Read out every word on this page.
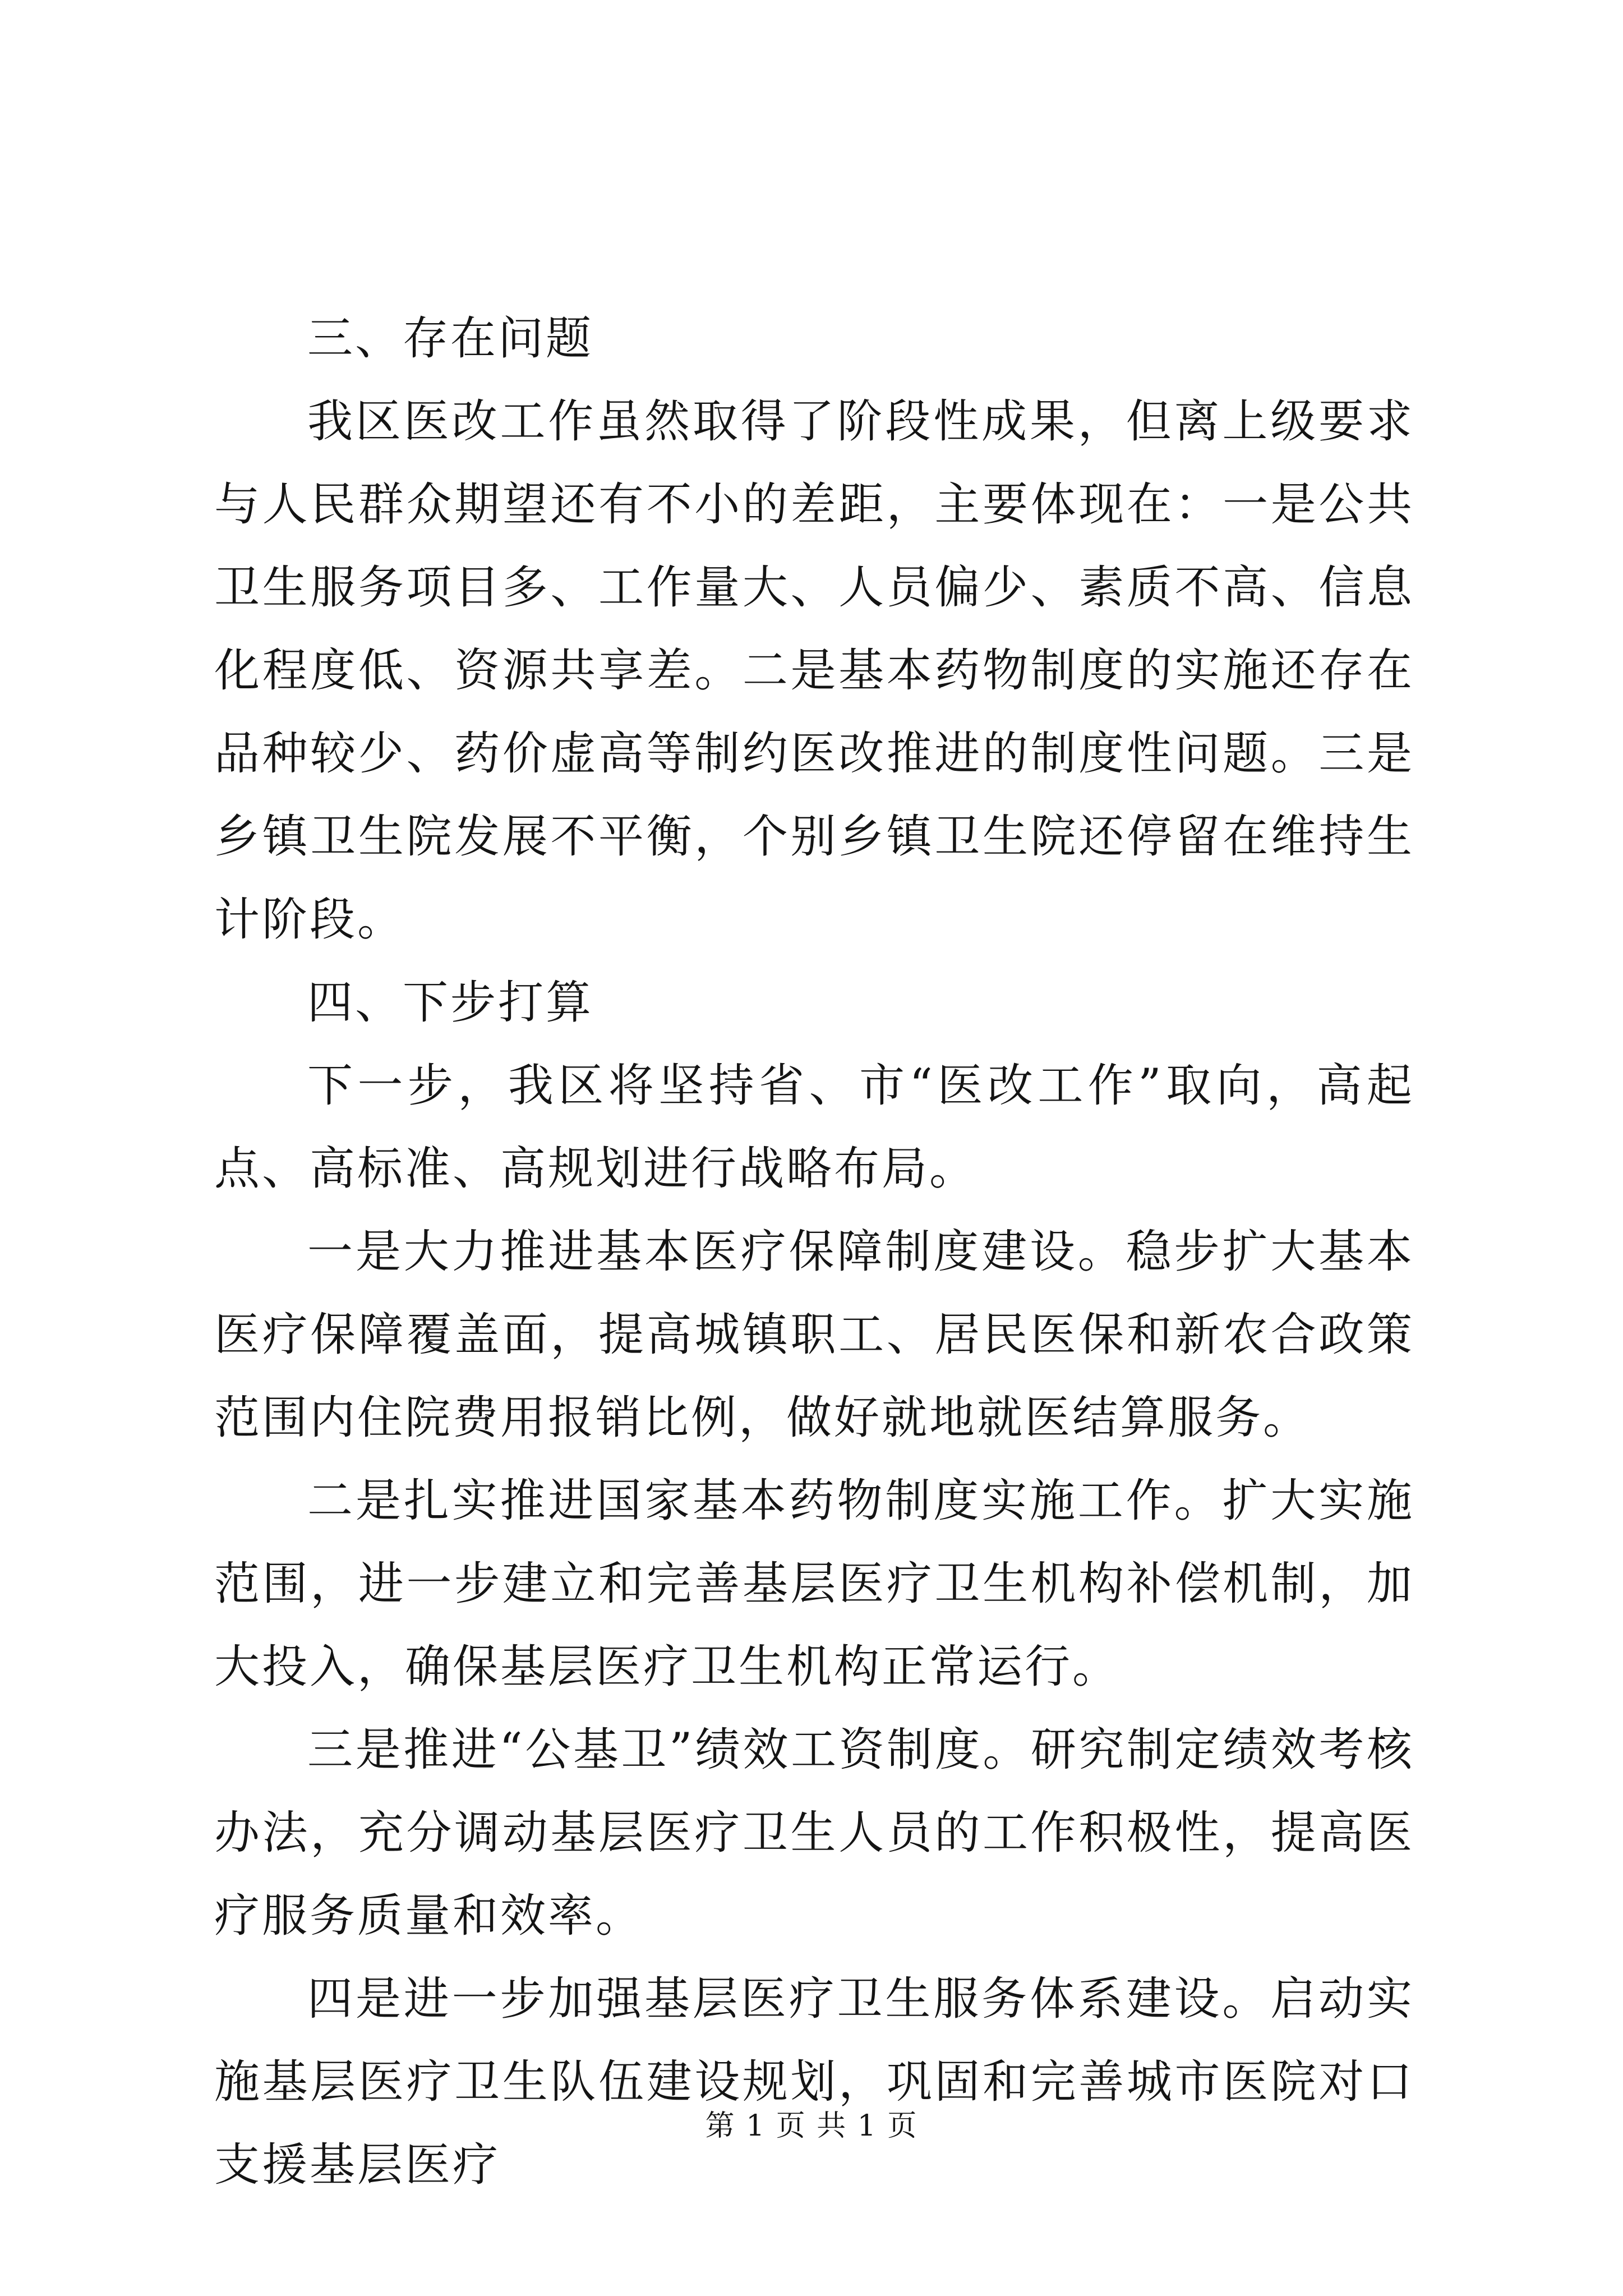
三、存在问题

我区医改工作虽然取得了阶段性成果，但离上级要求与人民群众期望还有不小的差距，主要体现在：一是公共卫生服务项目多、工作量大、人员偏少、素质不高、信息化程度低、资源共享差。二是基本药物制度的实施还存在品种较少、药价虚高等制约医改推进的制度性问题。三是乡镇卫生院发展不平衡，个别乡镇卫生院还停留在维持生计阶段。

四、下步打算

下一步，我区将坚持省、市“医改工作”取向，高起点、高标准、高规划进行战略布局。

一是大力推进基本医疗保障制度建设。稳步扩大基本医疗保障覆盖面，提高城镇职工、居民医保和新农合政策范围内住院费用报销比例，做好就地就医结算服务。

二是扎实推进国家基本药物制度实施工作。扩大实施范围，进一步建立和完善基层医疗卫生机构补偿机制，加大投入，确保基层医疗卫生机构正常运行。

三是推进“公基卫”绩效工资制度。研究制定绩效考核办法，充分调动基层医疗卫生人员的工作积极性，提高医疗服务质量和效率。

四是进一步加强基层医疗卫生服务体系建设。启动实施基层医疗卫生队伍建设规划，巩固和完善城市医院对口支援基层医疗

第 1 页 共 1 页
